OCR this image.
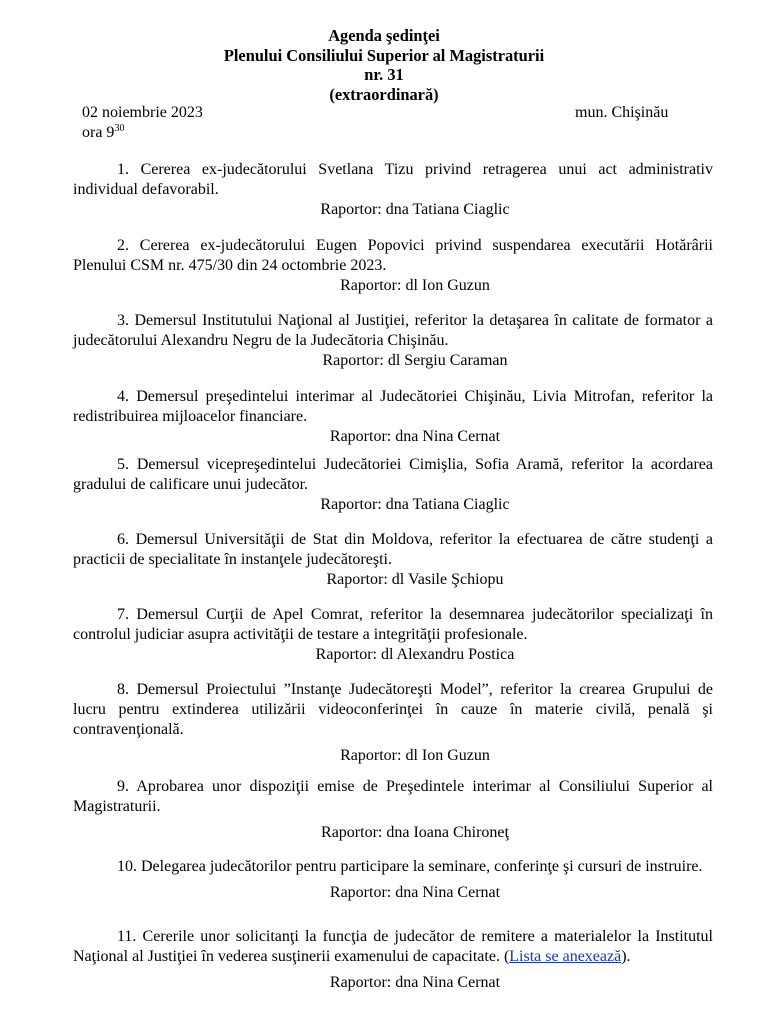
Agenda şedinţei
Plenului Consiliului Superior al Magistraturii
nr. 31
(extraordinară)
02 noiembrie 2023	mun. Chişinău
ora $9^{30}$

1. Cererea ex-judecătorului Svetlana Tizu privind retragerea unui act administrativ individual defavorabil.

Raportor: dna Tatiana Ciaglic

2. Cererea ex-judecătorului Eugen Popovici privind suspendarea executării Hotărârii Plenului CSM nr. 475/30 din 24 octombrie 2023.

Raportor: dl Ion Guzun

3. Demersul Institutului Naţional al Justiţiei, referitor la detaşarea în calitate de formator a judecătorului Alexandru Negru de la Judecătoria Chişinău.

Raportor: dl Sergiu Caraman

4. Demersul preşedintelui interimar al Judecătoriei Chişinău, Livia Mitrofan, referitor la redistribuirea mijloacelor financiare.

Raportor: dna Nina Cernat

5. Demersul vicepreşedintelui Judecătoriei Cimişlia, Sofia Aramă, referitor la acordarea gradului de calificare unui judecător.

Raportor: dna Tatiana Ciaglic

6. Demersul Universităţii de Stat din Moldova, referitor la efectuarea de către studenţi a practicii de specialitate în instanţele judecătoreşti.

Raportor: dl Vasile Şchiopu

7. Demersul Curţii de Apel Comrat, referitor la desemnarea judecătorilor specializaţi în controlul judiciar asupra activităţii de testare a integrităţii profesionale.

Raportor: dl Alexandru Postica

8. Demersul Proiectului ”Instanţe Judecătoreşti Model”, referitor la crearea Grupului de lucru pentru extinderea utilizării videoconferinţei în cauze în materie civilă, penală şi contravenţională.

Raportor: dl Ion Guzun

9. Aprobarea unor dispoziţii emise de Preşedintele interimar al Consiliului Superior al Magistraturii.

Raportor: dna Ioana Chironeţ

10. Delegarea judecătorilor pentru participare la seminare, conferinţe şi cursuri de instruire.

Raportor: dna Nina Cernat

11. Cererile unor solicitanţi la funcţia de judecător de remitere a materialelor la Institutul Naţional al Justiţiei în vederea susţinerii examenului de capacitate. (Lista se anexează).

Raportor: dna Nina Cernat
